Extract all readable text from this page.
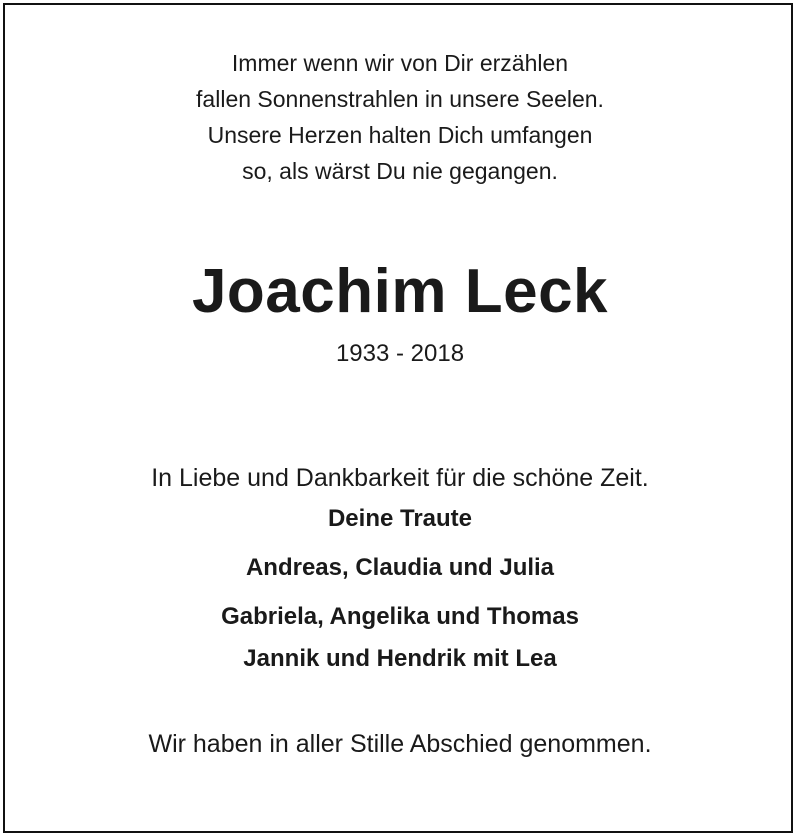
Immer wenn wir von Dir erzählen
fallen Sonnenstrahlen in unsere Seelen.
Unsere Herzen halten Dich umfangen
so, als wärst Du nie gegangen.
Joachim Leck
1933 - 2018
In Liebe und Dankbarkeit für die schöne Zeit.
Deine Traute
Andreas, Claudia und Julia
Gabriela, Angelika und Thomas
Jannik und Hendrik mit Lea
Wir haben in aller Stille Abschied genommen.
